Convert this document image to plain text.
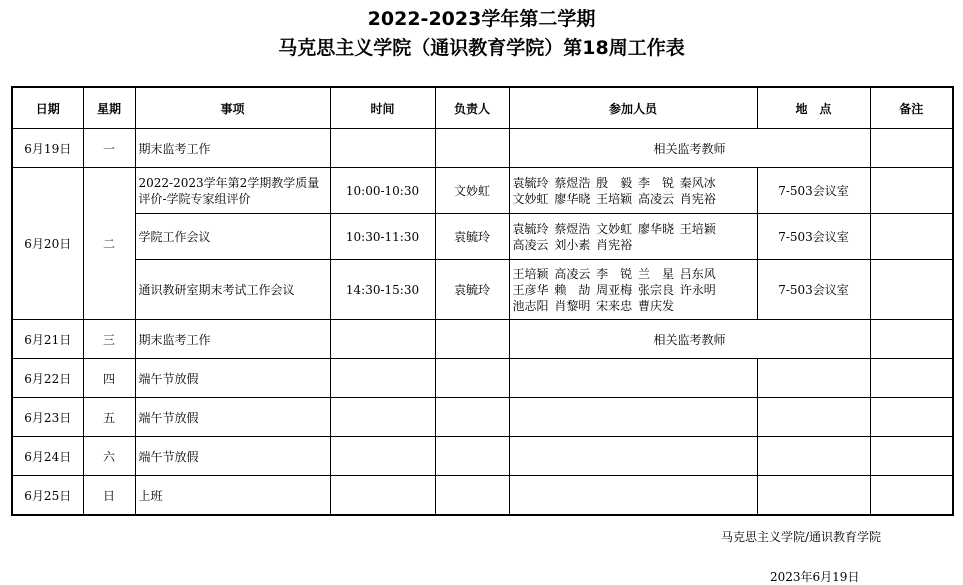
2022-2023学年第二学期
马克思主义学院（通识教育学院）第18周工作表
日期	星期	事项	时间	负责人	参加人员	地　点	备注
6月19日	一	期末监考工作			相关监考教师		
6月20日	二	2022-2023学年第2学期教学质量评价-学院专家组评价	10:00-10:30	文妙虹	袁毓玲 蔡煜浩 殷　毅 李　锐 秦风冰
文妙虹 廖华晓 王培颖 高凌云 肖宪裕	7-503会议室	
		学院工作会议	10:30-11:30	袁毓玲	袁毓玲 蔡煜浩 文妙虹 廖华晓 王培颖
高凌云 刘小素 肖宪裕	7-503会议室	
		通识教研室期末考试工作会议	14:30-15:30	袁毓玲	王培颖 高凌云 李　锐 兰　星 吕东风
王彦华 赖　劼 周亚梅 张宗良 许永明
池志阳 肖黎明 宋来忠 曹庆发	7-503会议室	
6月21日	三	期末监考工作			相关监考教师		
6月22日	四	端午节放假					
6月23日	五	端午节放假					
6月24日	六	端午节放假					
6月25日	日	上班					
马克思主义学院/通识教育学院
2023年6月19日
